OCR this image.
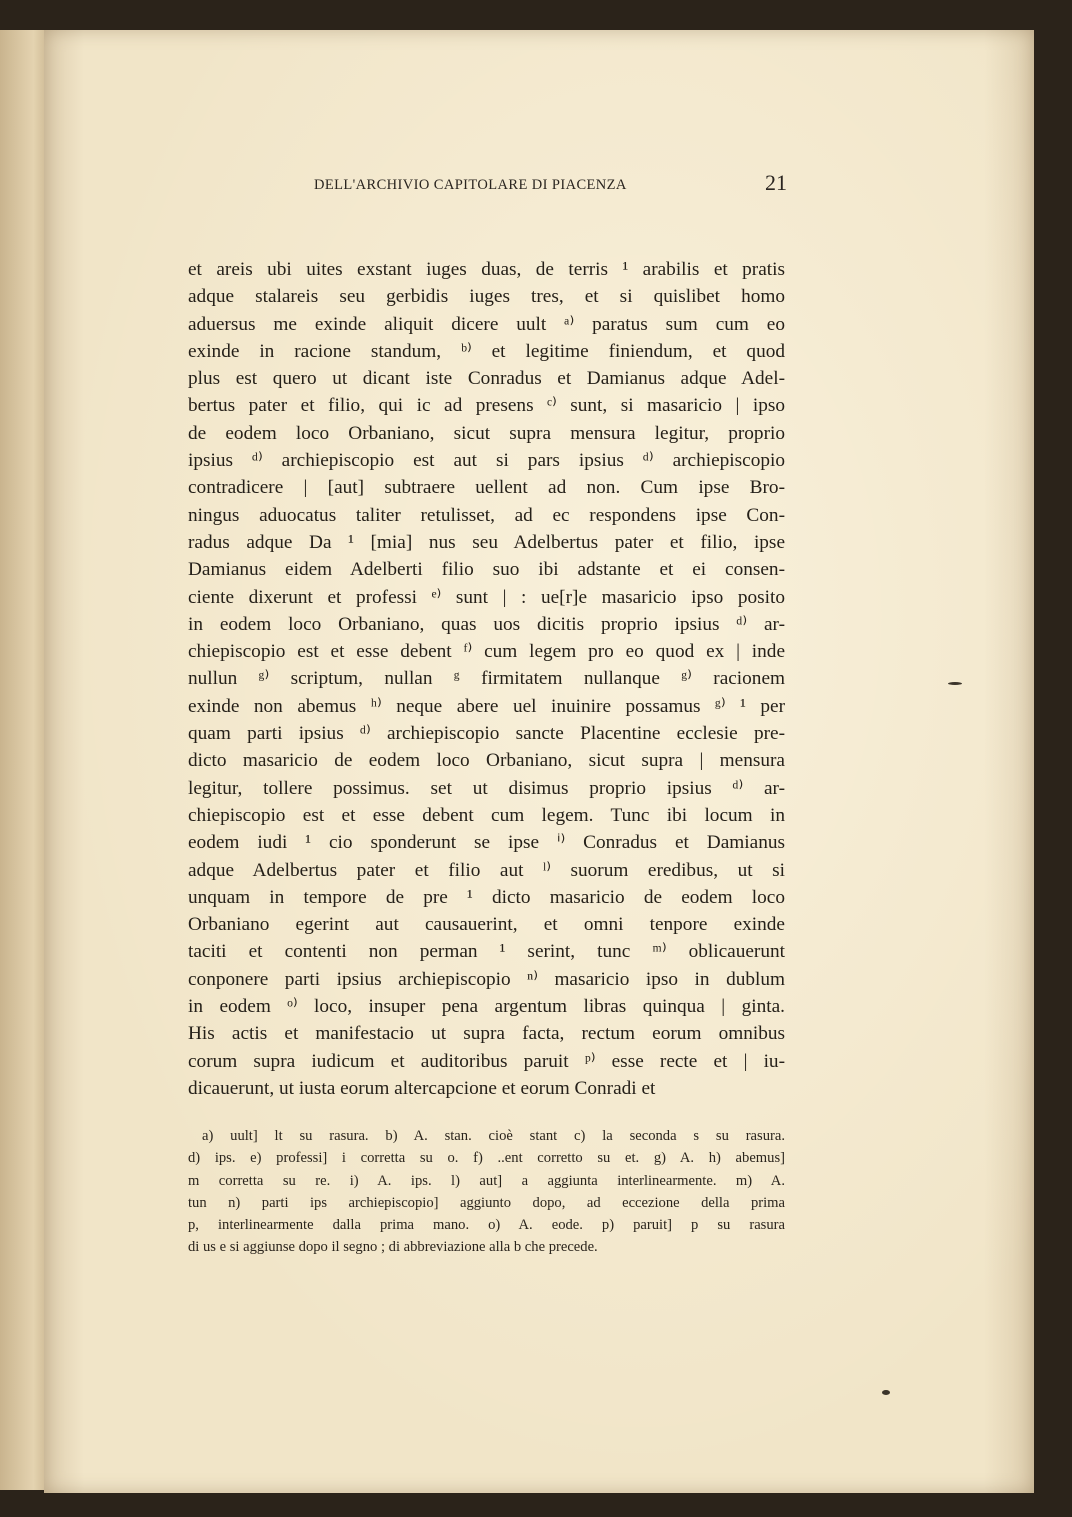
DELL'ARCHIVIO CAPITOLARE DI PIACENZA	21
et areis ubi uites exstant iuges duas, de terris ¹ arabilis et pratis
adque stalareis seu gerbidis iuges tres, et si quislibet homo
aduersus me exinde aliquit dicere uult ᵃ⁾ paratus sum cum eo
exinde in racione standum, ᵇ⁾ et legitime finiendum, et quod
plus est quero ut dicant iste Conradus et Damianus adque Adel-
bertus pater et filio, qui ic ad presens ᶜ⁾ sunt, si masaricio | ipso
de eodem loco Orbaniano, sicut supra mensura legitur, proprio
ipsius ᵈ⁾ archiepiscopio est aut si pars ipsius ᵈ⁾ archiepiscopio
contradicere | [aut] subtraere uellent ad non. Cum ipse Bro-
ningus aduocatus taliter retulisset, ad ec respondens ipse Con-
radus adque Da ¹ [mia] nus seu Adelbertus pater et filio, ipse
Damianus eidem Adelberti filio suo ibi adstante et ei consen-
ciente dixerunt et professi ᵉ⁾ sunt | : ue[r]e masaricio ipso posito
in eodem loco Orbaniano, quas uos dicitis proprio ipsius ᵈ⁾ ar-
chiepiscopio est et esse debent ᶠ⁾ cum legem pro eo quod ex | inde
nullun ᵍ⁾ scriptum, nullan ᵍ firmitatem nullanque ᵍ⁾ racionem
exinde non abemus ʰ⁾ neque abere uel inuinire possamus ᵍ⁾ ¹ per
quam parti ipsius ᵈ⁾ archiepiscopio sancte Placentine ecclesie pre-
dicto masaricio de eodem loco Orbaniano, sicut supra | mensura
legitur, tollere possimus. set ut disimus proprio ipsius ᵈ⁾ ar-
chiepiscopio est et esse debent cum legem. Tunc ibi locum in
eodem iudi ¹ cio sponderunt se ipse ⁱ⁾ Conradus et Damianus
adque Adelbertus pater et filio aut ˡ⁾ suorum eredibus, ut si
unquam in tempore de pre ¹ dicto masaricio de eodem loco
Orbaniano egerint aut causauerint, et omni tenpore exinde
taciti et contenti non perman ¹ serint, tunc ᵐ⁾ oblicauerunt
conponere parti ipsius archiepiscopio ⁿ⁾ masaricio ipso in dublum
in eodem ᵒ⁾ loco, insuper pena argentum libras quinqua | ginta.
His actis et manifestacio ut supra facta, rectum eorum omnibus
corum supra iudicum et auditoribus paruit ᵖ⁾ esse recte et | iu-
dicauerunt, ut iusta eorum altercapcione et eorum Conradi et
a) uult] lt su rasura. b) A. stan. cioè stant c) la seconda s su rasura.
d) ips. e) professi] i corretta su o. f) ..ent corretto su et. g) A. h) abemus]
m corretta su re. i) A. ips. l) aut] a aggiunta interlinearmente. m) A.
tun n) parti ips archiepiscopio] aggiunto dopo, ad eccezione della prima
p, interlinearmente dalla prima mano. o) A. eode. p) paruit] p su rasura
di us e si aggiunse dopo il segno ; di abbreviazione alla b che precede.
